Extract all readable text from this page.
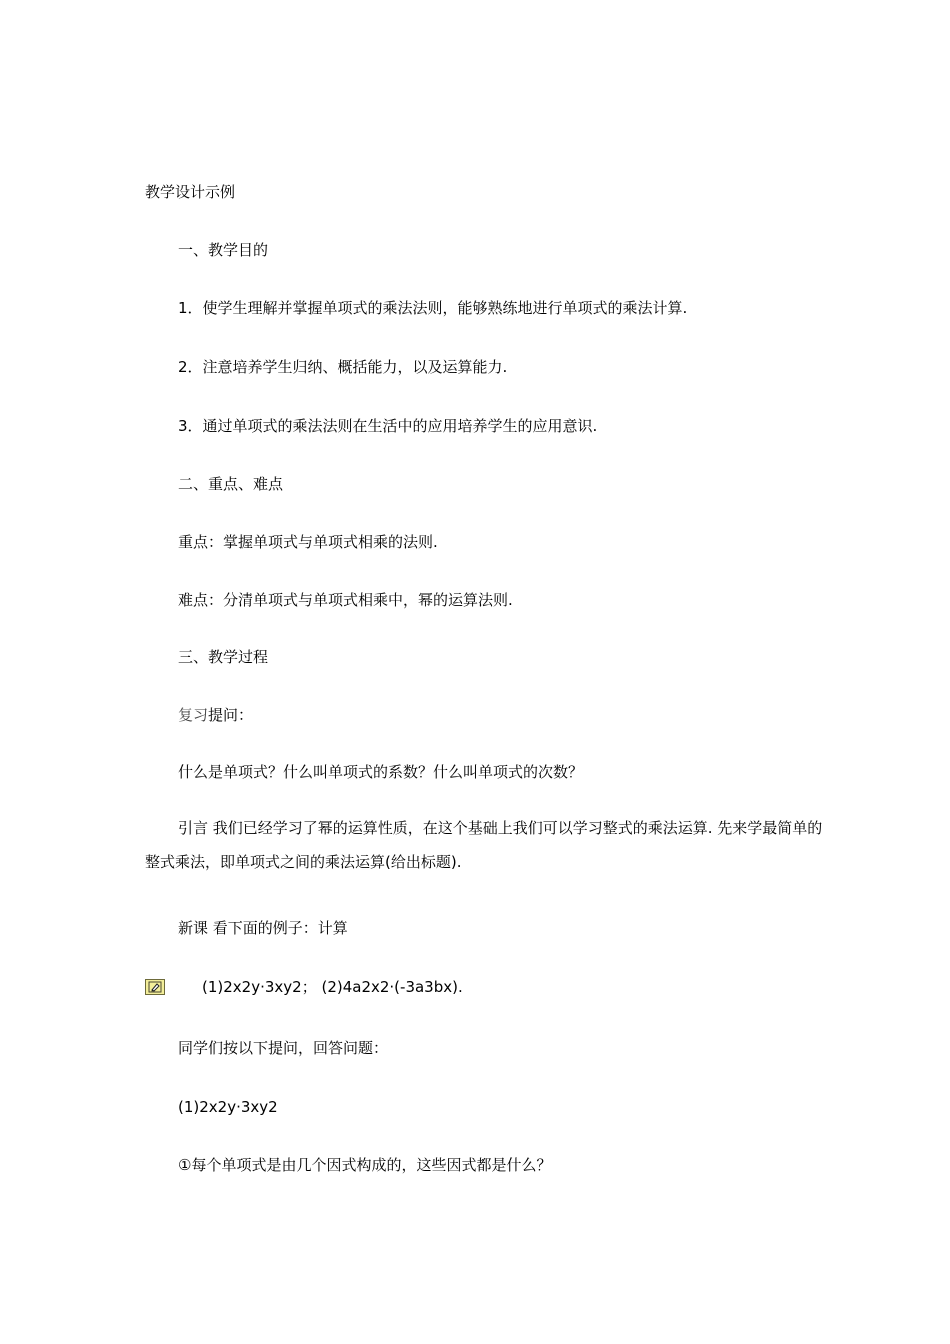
教学设计示例
一、教学目的
1．使学生理解并掌握单项式的乘法法则，能够熟练地进行单项式的乘法计算.
2．注意培养学生归纳、概括能力，以及运算能力.
3．通过单项式的乘法法则在生活中的应用培养学生的应用意识.
二、重点、难点
重点：掌握单项式与单项式相乘的法则.
难点：分清单项式与单项式相乘中，幂的运算法则.
三、教学过程
复习提问：
什么是单项式？什么叫单项式的系数？什么叫单项式的次数？
引言 我们已经学习了幂的运算性质，在这个基础上我们可以学习整式的乘法运算. 先来学最简单的整式乘法，即单项式之间的乘法运算(给出标题).
新课 看下面的例子：计算
(1)2x2y·3xy2； (2)4a2x2·(-3a3bx).
同学们按以下提问，回答问题：
(1)2x2y·3xy2
①每个单项式是由几个因式构成的，这些因式都是什么？
